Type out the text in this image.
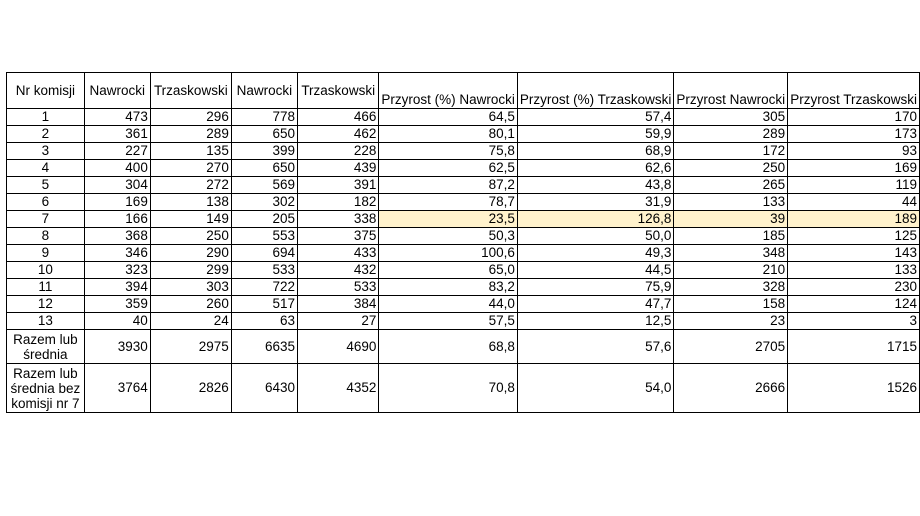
Nr komisji	Nawrocki	Trzaskowski	Nawrocki	Trzaskowski	Przyrost (%) Nawrocki	Przyrost (%) Trzaskowski	Przyrost Nawrocki	Przyrost Trzaskowski
1	473	296	778	466	64,5	57,4	305	170
2	361	289	650	462	80,1	59,9	289	173
3	227	135	399	228	75,8	68,9	172	93
4	400	270	650	439	62,5	62,6	250	169
5	304	272	569	391	87,2	43,8	265	119
6	169	138	302	182	78,7	31,9	133	44
7	166	149	205	338	23,5	126,8	39	189
8	368	250	553	375	50,3	50,0	185	125
9	346	290	694	433	100,6	49,3	348	143
10	323	299	533	432	65,0	44,5	210	133
11	394	303	722	533	83,2	75,9	328	230
12	359	260	517	384	44,0	47,7	158	124
13	40	24	63	27	57,5	12,5	23	3
Razem lub średnia	3930	2975	6635	4690	68,8	57,6	2705	1715
Razem lub średnia bez komisji nr 7	3764	2826	6430	4352	70,8	54,0	2666	1526
